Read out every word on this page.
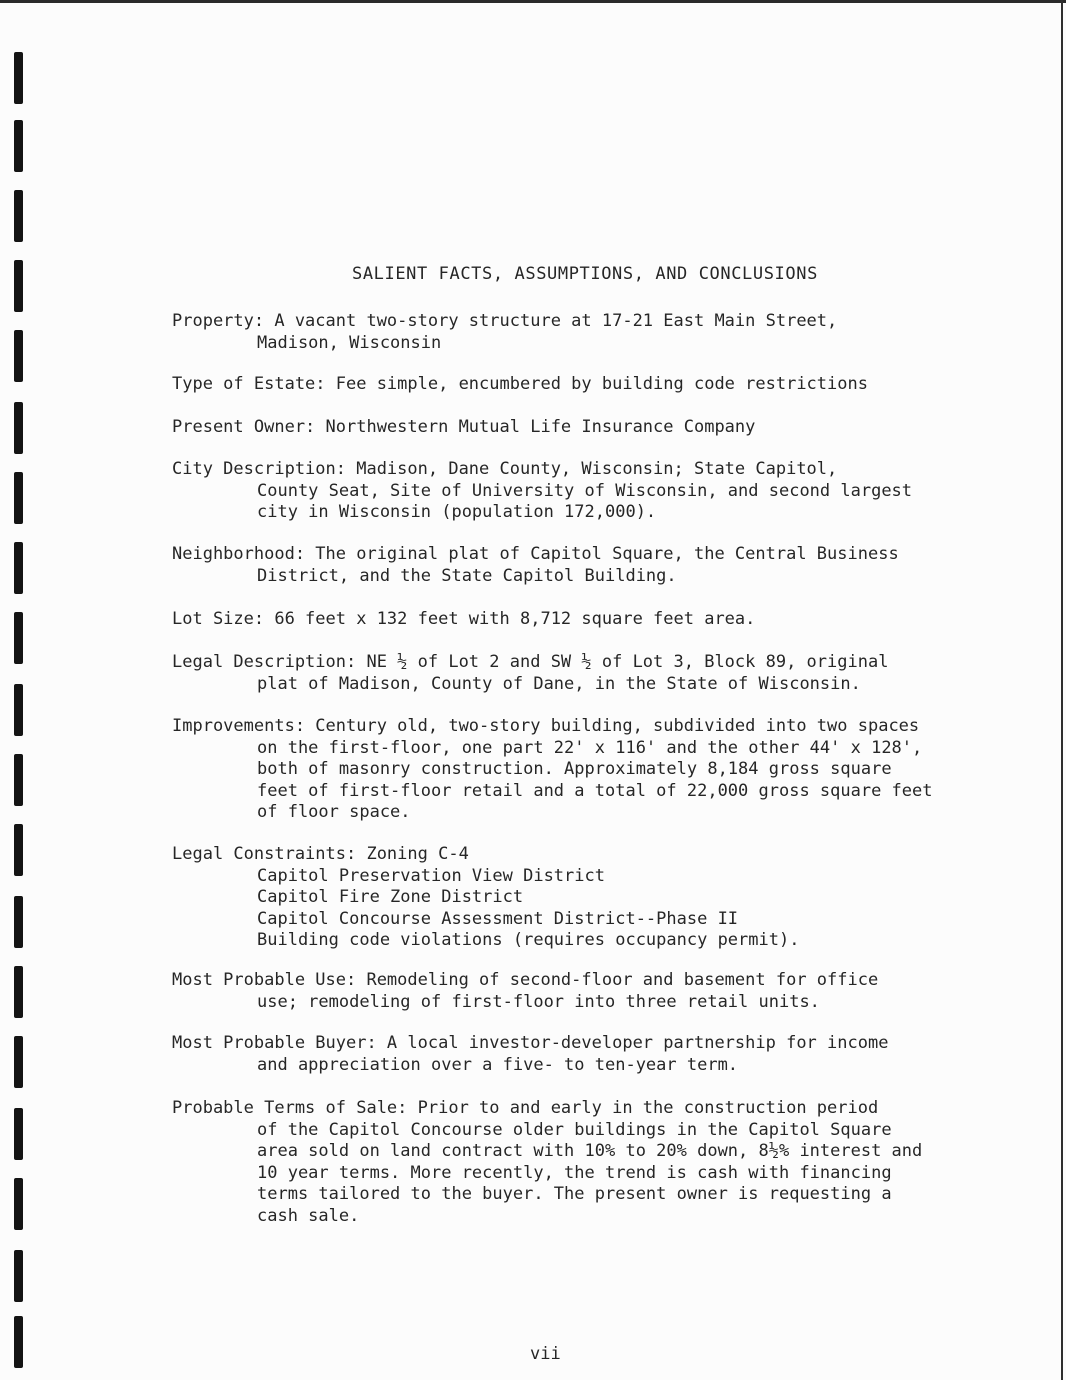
SALIENT FACTS, ASSUMPTIONS, AND CONCLUSIONS
Property: A vacant two-story structure at 17-21 East Main Street,
Madison, Wisconsin
Type of Estate: Fee simple, encumbered by building code restrictions
Present Owner: Northwestern Mutual Life Insurance Company
City Description: Madison, Dane County, Wisconsin; State Capitol,
County Seat, Site of University of Wisconsin, and second largest
city in Wisconsin (population 172,000).
Neighborhood: The original plat of Capitol Square, the Central Business
District, and the State Capitol Building.
Lot Size: 66 feet x 132 feet with 8,712 square feet area.
Legal Description: NE ½ of Lot 2 and SW ½ of Lot 3, Block 89, original
plat of Madison, County of Dane, in the State of Wisconsin.
Improvements: Century old, two-story building, subdivided into two spaces
on the first-floor, one part 22' x 116' and the other 44' x 128',
both of masonry construction. Approximately 8,184 gross square
feet of first-floor retail and a total of 22,000 gross square feet
of floor space.
Legal Constraints: Zoning C-4
Capitol Preservation View District
Capitol Fire Zone District
Capitol Concourse Assessment District--Phase II
Building code violations (requires occupancy permit).
Most Probable Use: Remodeling of second-floor and basement for office
use; remodeling of first-floor into three retail units.
Most Probable Buyer: A local investor-developer partnership for income
and appreciation over a five- to ten-year term.
Probable Terms of Sale: Prior to and early in the construction period
of the Capitol Concourse older buildings in the Capitol Square
area sold on land contract with 10% to 20% down, 8½% interest and
10 year terms. More recently, the trend is cash with financing
terms tailored to the buyer. The present owner is requesting a
cash sale.
vii
